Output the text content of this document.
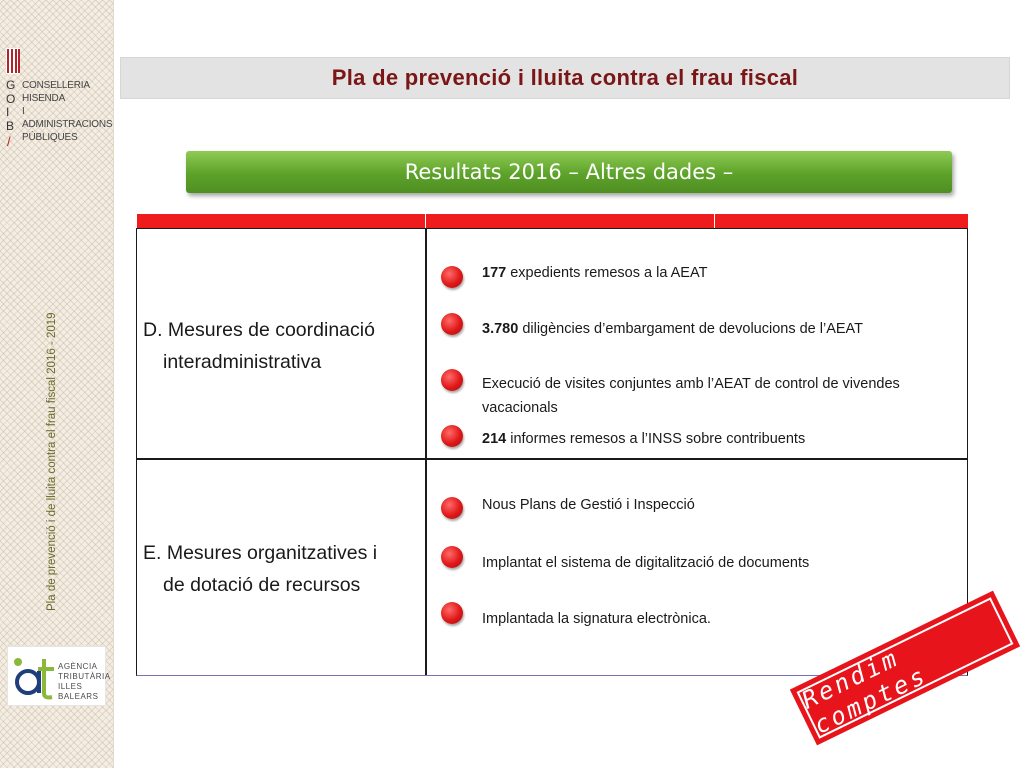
G
O
I
B
/
CONSELLERIA
HISENDA
I ADMINISTRACIONS
PÚBLIQUES
Pla de prevenció i de lluita contra el frau fiscal 2016 - 2019
AGÈNCIA
TRIBUTÀRIA
ILLES BALEARS
Pla de prevenció i lluita contra el frau fiscal
Resultats 2016 – Altres dades –
D. Mesures de coordinació
interadministrativa
177 expedients remesos a la AEAT
3.780 diligències d’embargament de devolucions de l’AEAT
Execució de visites conjuntes amb l’AEAT de control de vivendes vacacionals
214 informes remesos a l’INSS sobre contribuents
E. Mesures organitzatives i
de dotació de recursos
Nous Plans de Gestió i Inspecció
Implantat el sistema de digitalització de documents
Implantada la signatura electrònica.
Rendim comptes
